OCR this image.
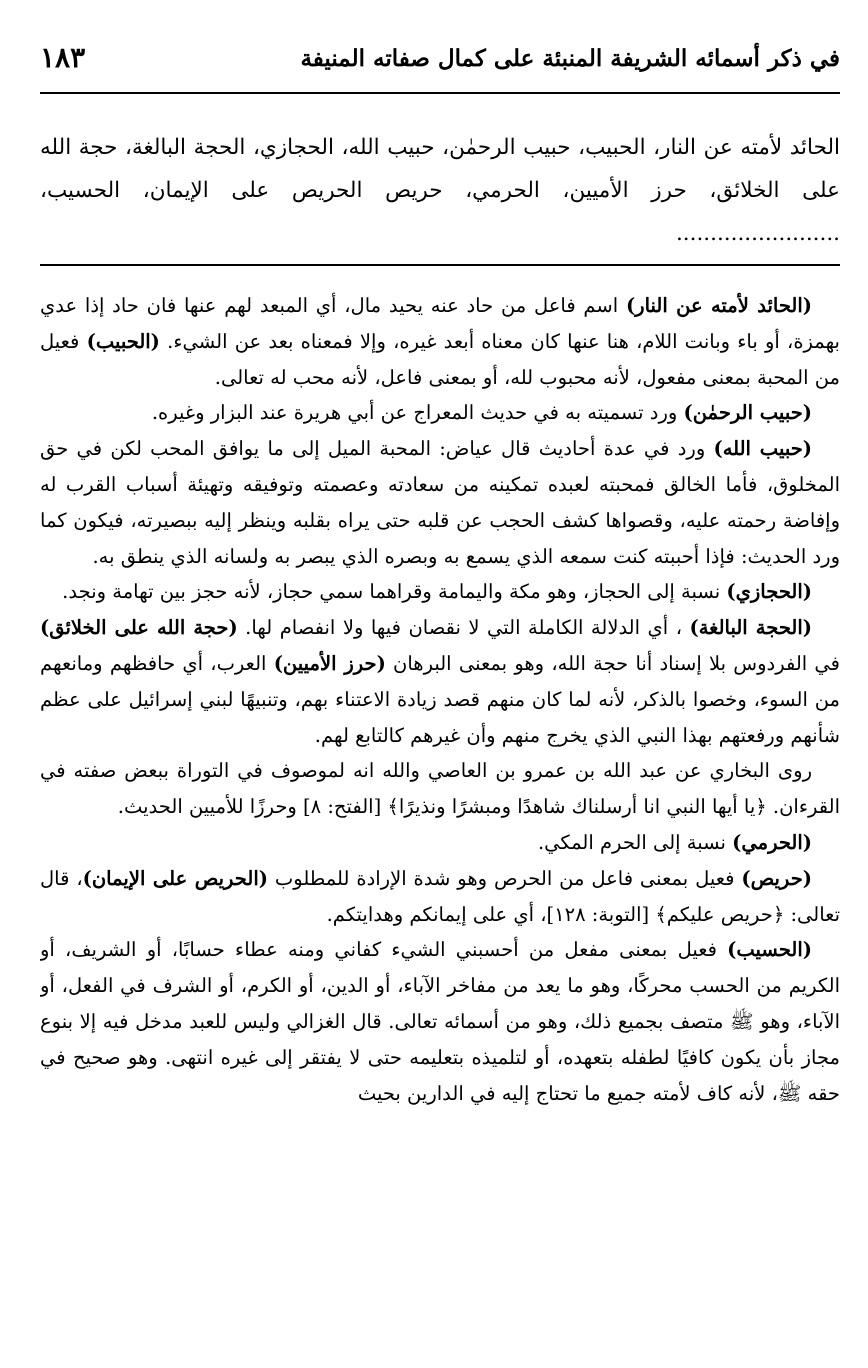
في ذكر أسمائه الشريفة المنبئة على كمال صفاته المنيفة
١٨٣

الحائد لأمته عن النار، الحبيب، حبيب الرحمٰن، حبيب الله، الحجازي، الحجة البالغة، حجة الله على الخلائق، حرز الأميين، الحرمي، حريص الحريص على الإيمان، الحسيب، ........................

(الحائد لأمته عن النار) اسم فاعل من حاد عنه يحيد مال، أي المبعد لهم عنها فان حاد إذا عدي بهمزة، أو باء وبانت اللام، هنا عنها كان معناه أبعد غيره، وإلا فمعناه بعد عن الشيء. (الحبيب) فعيل من المحبة بمعنى مفعول، لأنه محبوب لله، أو بمعنى فاعل، لأنه محب له تعالى.

(حبيب الرحمٰن) ورد تسميته به في حديث المعراج عن أبي هريرة عند البزار وغيره.

(حبيب الله) ورد في عدة أحاديث قال عياض: المحبة الميل إلى ما يوافق المحب لكن في حق المخلوق، فأما الخالق فمحبته لعبده تمكينه من سعادته وعصمته وتوفيقه وتهيئة أسباب القرب له وإفاضة رحمته عليه، وقصواها كشف الحجب عن قلبه حتى يراه بقلبه وينظر إليه ببصيرته، فيكون كما ورد الحديث: فإذا أحببته كنت سمعه الذي يسمع به وبصره الذي يبصر به ولسانه الذي ينطق به.

(الحجازي) نسبة إلى الحجاز، وهو مكة واليمامة وقراهما سمي حجاز، لأنه حجز بين تهامة ونجد.

(الحجة البالغة) ، أي الدلالة الكاملة التي لا نقصان فيها ولا انفصام لها. (حجة الله على الخلائق) في الفردوس بلا إسناد أنا حجة الله، وهو بمعنى البرهان (حرز الأميين) العرب، أي حافظهم ومانعهم من السوء، وخصوا بالذكر، لأنه لما كان منهم قصد زيادة الاعتناء بهم، وتنبيهًا لبني إسرائيل على عظم شأنهم ورفعتهم بهذا النبي الذي يخرج منهم وأن غيرهم كالتابع لهم.

روى البخاري عن عبد الله بن عمرو بن العاصي والله انه لموصوف في التوراة ببعض صفته في القرءان. ﴿يا أيها النبي انا أرسلناك شاهدًا ومبشرًا ونذيرًا﴾ [الفتح: ٨] وحرزًا للأميين الحديث.

(الحرمي) نسبة إلى الحرم المكي.

(حريص) فعيل بمعنى فاعل من الحرص وهو شدة الإرادة للمطلوب (الحريص على الإيمان)، قال تعالى: ﴿حريص عليكم﴾ [التوبة: ١٢٨]، أي على إيمانكم وهدايتكم.

(الحسيب) فعيل بمعنى مفعل من أحسبني الشيء كفاني ومنه عطاء حسابًا، أو الشريف، أو الكريم من الحسب محركًا، وهو ما يعد من مفاخر الآباء، أو الدين، أو الكرم، أو الشرف في الفعل، أو الآباء، وهو ﷺ متصف بجميع ذلك، وهو من أسمائه تعالى. قال الغزالي وليس للعبد مدخل فيه إلا بنوع مجاز بأن يكون كافيًا لطفله بتعهده، أو لتلميذه بتعليمه حتى لا يفتقر إلى غيره انتهى. وهو صحيح في حقه ﷺ، لأنه كاف لأمته جميع ما تحتاج إليه في الدارين بحيث
